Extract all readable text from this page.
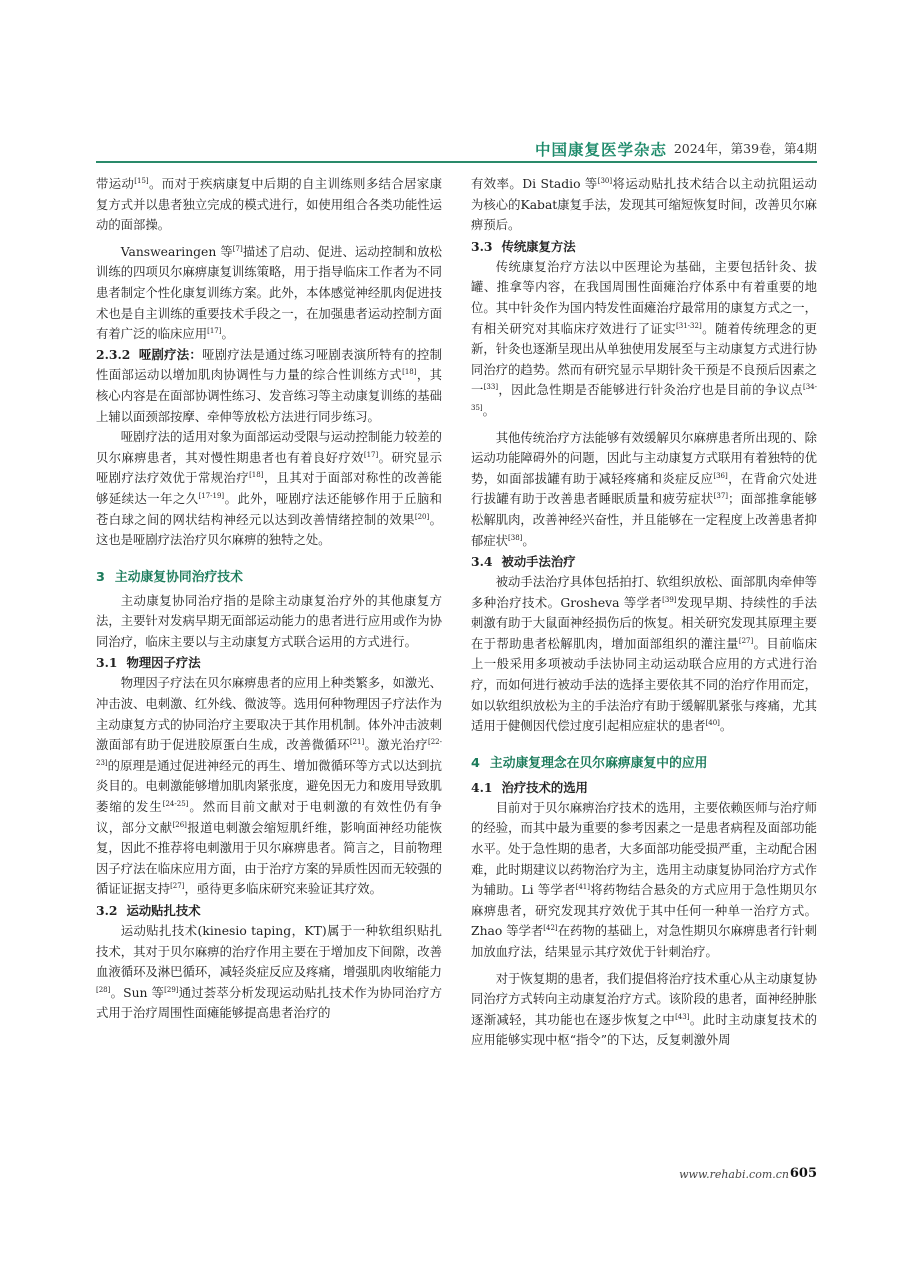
中国康复医学杂志 2024年，第39卷，第4期

带运动[15]。而对于疾病康复中后期的自主训练则多结合居家康复方式并以患者独立完成的模式进行，如使用组合各类功能性运动的面部操。

Vanswearingen 等[7]描述了启动、促进、运动控制和放松训练的四项贝尔麻痹康复训练策略，用于指导临床工作者为不同患者制定个性化康复训练方案。此外，本体感觉神经肌肉促进技术也是自主训练的重要技术手段之一，在加强患者运动控制方面有着广泛的临床应用[17]。

2.3.2 哑剧疗法：哑剧疗法是通过练习哑剧表演所特有的控制性面部运动以增加肌肉协调性与力量的综合性训练方式[18]，其核心内容是在面部协调性练习、发音练习等主动康复训练的基础上辅以面颈部按摩、牵伸等放松方法进行同步练习。

哑剧疗法的适用对象为面部运动受限与运动控制能力较差的贝尔麻痹患者，其对慢性期患者也有着良好疗效[17]。研究显示哑剧疗法疗效优于常规治疗[18]，且其对于面部对称性的改善能够延续达一年之久[17-19]。此外，哑剧疗法还能够作用于丘脑和苍白球之间的网状结构神经元以达到改善情绪控制的效果[20]。这也是哑剧疗法治疗贝尔麻痹的独特之处。

3 主动康复协同治疗技术

主动康复协同治疗指的是除主动康复治疗外的其他康复方法，主要针对发病早期无面部运动能力的患者进行应用或作为协同治疗，临床主要以与主动康复方式联合运用的方式进行。

3.1 物理因子疗法

物理因子疗法在贝尔麻痹患者的应用上种类繁多，如激光、冲击波、电刺激、红外线、微波等。选用何种物理因子疗法作为主动康复方式的协同治疗主要取决于其作用机制。体外冲击波刺激面部有助于促进胶原蛋白生成，改善微循环[21]。激光治疗[22-23]的原理是通过促进神经元的再生、增加微循环等方式以达到抗炎目的。电刺激能够增加肌肉紧张度，避免因无力和废用导致肌萎缩的发生[24-25]。然而目前文献对于电刺激的有效性仍有争议，部分文献[26]报道电刺激会缩短肌纤维，影响面神经功能恢复，因此不推荐将电刺激用于贝尔麻痹患者。简言之，目前物理因子疗法在临床应用方面，由于治疗方案的异质性因而无较强的循证证据支持[27]，亟待更多临床研究来验证其疗效。

3.2 运动贴扎技术

运动贴扎技术(kinesio taping，KT)属于一种软组织贴扎技术，其对于贝尔麻痹的治疗作用主要在于增加皮下间隙，改善血液循环及淋巴循环，减轻炎症反应及疼痛，增强肌肉收缩能力[28]。Sun 等[29]通过荟萃分析发现运动贴扎技术作为协同治疗方式用于治疗周围性面瘫能够提高患者治疗的

有效率。Di Stadio 等[30]将运动贴扎技术结合以主动抗阻运动为核心的Kabat康复手法，发现其可缩短恢复时间，改善贝尔麻痹预后。

3.3 传统康复方法

传统康复治疗方法以中医理论为基础，主要包括针灸、拔罐、推拿等内容，在我国周围性面瘫治疗体系中有着重要的地位。其中针灸作为国内特发性面瘫治疗最常用的康复方式之一，有相关研究对其临床疗效进行了证实[31-32]。随着传统理念的更新，针灸也逐渐呈现出从单独使用发展至与主动康复方式进行协同治疗的趋势。然而有研究显示早期针灸干预是不良预后因素之一[33]，因此急性期是否能够进行针灸治疗也是目前的争议点[34-35]。

其他传统治疗方法能够有效缓解贝尔麻痹患者所出现的、除运动功能障碍外的问题，因此与主动康复方式联用有着独特的优势，如面部拔罐有助于减轻疼痛和炎症反应[36]，在背俞穴处进行拔罐有助于改善患者睡眠质量和疲劳症状[37]；面部推拿能够松解肌肉，改善神经兴奋性，并且能够在一定程度上改善患者抑郁症状[38]。

3.4 被动手法治疗

被动手法治疗具体包括拍打、软组织放松、面部肌肉牵伸等多种治疗技术。Grosheva 等学者[39]发现早期、持续性的手法刺激有助于大鼠面神经损伤后的恢复。相关研究发现其原理主要在于帮助患者松解肌肉，增加面部组织的灌注量[27]。目前临床上一般采用多项被动手法协同主动运动联合应用的方式进行治疗，而如何进行被动手法的选择主要依其不同的治疗作用而定，如以软组织放松为主的手法治疗有助于缓解肌紧张与疼痛，尤其适用于健侧因代偿过度引起相应症状的患者[40]。

4 主动康复理念在贝尔麻痹康复中的应用
4.1 治疗技术的选用

目前对于贝尔麻痹治疗技术的选用，主要依赖医师与治疗师的经验，而其中最为重要的参考因素之一是患者病程及面部功能水平。处于急性期的患者，大多面部功能受损严重，主动配合困难，此时期建议以药物治疗为主，选用主动康复协同治疗方式作为辅助。Li 等学者[41]将药物结合悬灸的方式应用于急性期贝尔麻痹患者，研究发现其疗效优于其中任何一种单一治疗方式。Zhao 等学者[42]在药物的基础上，对急性期贝尔麻痹患者行针刺加放血疗法，结果显示其疗效优于针刺治疗。

对于恢复期的患者，我们提倡将治疗技术重心从主动康复协同治疗方式转向主动康复治疗方式。该阶段的患者，面神经肿胀逐渐减轻，其功能也在逐步恢复之中[43]。此时主动康复技术的应用能够实现中枢“指令”的下达，反复刺激外周

www.rehabi.com.cn 605
